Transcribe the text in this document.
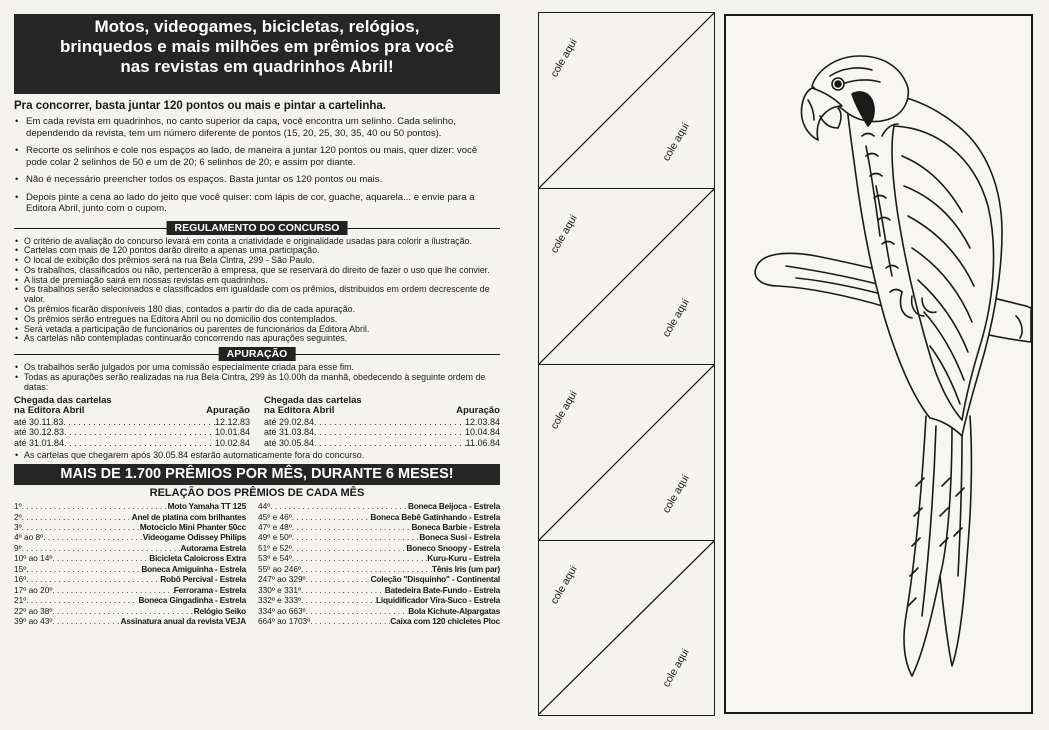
Motos, videogames, bicicletas, relógios,
brinquedos e mais milhões em prêmios pra você
nas revistas em quadrinhos Abril!
Pra concorrer, basta juntar 120 pontos ou mais e pintar a cartelinha.
• Em cada revista em quadrinhos, no canto superior da capa, você encontra um selinho. Cada selinho, dependendo da revista, tem um número diferente de pontos (15, 20, 25, 30, 35, 40 ou 50 pontos).
• Recorte os selinhos e cole nos espaços ao lado, de maneira a juntar 120 pontos ou mais, quer dizer: você pode colar 2 selinhos de 50 e um de 20; 6 selinhos de 20; e assim por diante.
• Não é necessário preencher todos os espaços. Basta juntar os 120 pontos ou mais.
• Depois pinte a cena ao lado do jeito que você quiser: com lápis de cor, guache, aquarela... e envie para a Editora Abril, junto com o cupom.
REGULAMENTO DO CONCURSO
• O critério de avaliação do concurso levará em conta a criatividade e originalidade usadas para colorir a ilustração.
• Cartelas com mais de 120 pontos darão direito a apenas uma participação.
• O local de exibição dos prêmios será na rua Bela Cintra, 299 - São Paulo.
• Os trabalhos, classificados ou não, pertencerão à empresa, que se reservará do direito de fazer o uso que lhe convier.
• A lista de premiação sairá em nossas revistas em quadrinhos.
• Os trabalhos serão selecionados e classificados em igualdade com os prêmios, distribuidos em ordem decrescente de valor.
• Os prêmios ficarão disponíveis 180 dias, contados a partir do dia de cada apuração.
• Os prêmios serão entregues na Editora Abril ou no domicilio dos contemplados.
• Será vetada a participação de funcionários ou parentes de funcionários da Editora Abril.
• As cartelas não contempladas continuarão concorrendo nas apurações seguintes.
APURAÇÃO
• Os trabalhos serão julgados por uma comissão especialmente criada para esse fim.
• Todas as apurações serão realizadas na rua Bela Cintra, 299 às 10.00h da manhã, obedecendo à seguinte ordem de datas:
Chegada das cartelas
na Editora Abril	Apuração
até 30.11.83 . . .	12.12.83
até 30.12.83 . . .	10.01.84
até 31.01.84 . . .	10.02.84
Chegada das cartelas
na Editora Abril	Apuração
até 29.02.84 . . .	12.03.84
até 31.03.84 . . .	10.04.84
até 30.05.84 . . .	11.06.84
• As cartelas que chegarem após 30.05.84 estarão automaticamente fora do concurso.
MAIS DE 1.700 PRÊMIOS POR MÊS, DURANTE 6 MESES!
RELAÇÃO DOS PRÊMIOS DE CADA MÊS
1º . . .	Moto Yamaha TT 125
2º . . .	Anel de platina com brilhantes
3º . . .	Motociclo Mini Phanter 50cc
4º ao 8º . . .	Videogame Odissey Philips
9º . . .	Autorama Estrela
10º ao 14º . . .	Bicicleta Caloicross Extra
15º . . .	Boneca Amiguinha - Estrela
16º . . .	Robô Percival - Estrela
17º ao 20º . . .	Ferrorama - Estrela
21º . . .	Boneca Gingadinha - Estrela
22º ao 38º . . .	Relógio Seiko
39º ao 43º . . .	Assinatura anual da revista VEJA
44º . . .	Boneca Beijoca - Estrela
45º e 46º . . .	Boneca Bebê Gatinhando - Estrela
47º e 48º . . .	Boneca Barbie - Estrela
49º e 50º . . .	Boneca Susi - Estrela
51º e 52º . . .	Boneco Snoopy - Estrela
53º e 54º . . .	Kuru-Kuru - Estrela
55º ao 246º . . .	Tênis Iris (um par)
247º ao 329º . . .	Coleção "Disquinho" - Continental
330º e 331º . . .	Batedeira Bate-Fundo - Estrela
332º e 333º . . .	Liquidificador Vira-Suco - Estrela
334º ao 663º . . .	Bola Kichute-Alpargatas
664º ao 1703º . . .	Caixa com 120 chicletes Ploc
cole aqui
cole aqui
cole aqui
cole aqui
cole aqui
cole aqui
cole aqui
cole aqui
